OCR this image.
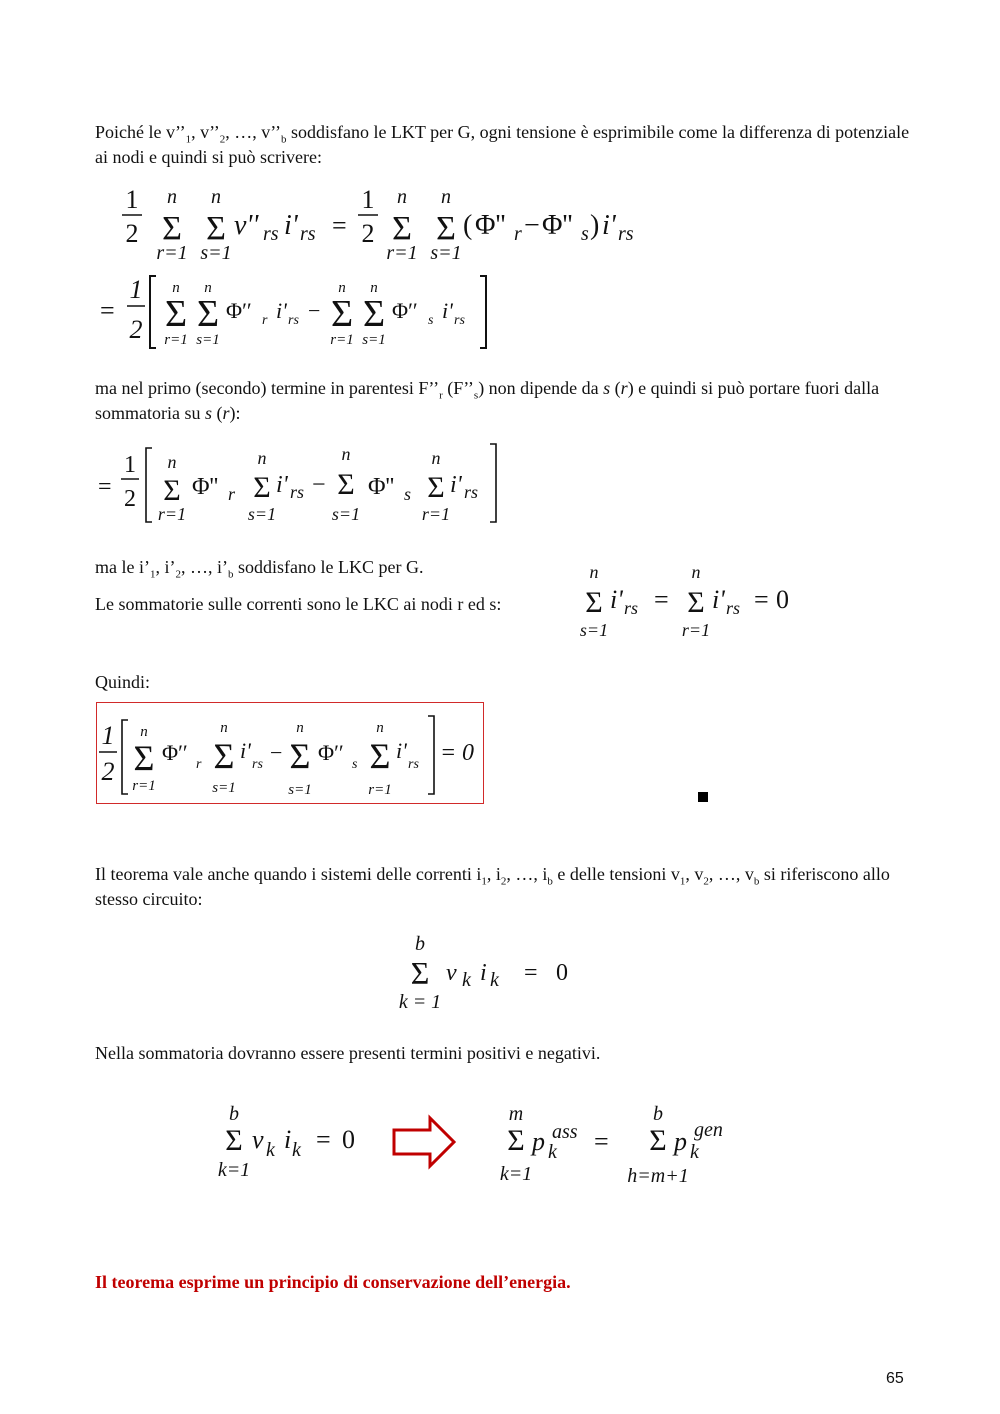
Poiché le $v’’_1$, $v’’_2$, …, $v’’_b$ soddisfano le LKT per G, ogni tensione è esprimibile come la differenza di potenziale ai nodi e quindi si può scrivere:

1
2
n
Σ
r=1
n
Σ
s=1
v'' rs i' rs =
1
2
n
Σ
r=1
n
Σ
s=1
( Φ'' r − Φ'' s ) i' rs
=
1
2
n
Σ
r=1
n
Σ
s=1
Φ′′ r i' rs −
n
Σ
r=1
n
Σ
s=1
Φ′′ s i' rs

ma nel primo (secondo) termine in parentesi $F’’_r$ $(F’’_s)$ non dipende da s (r) e quindi si può portare fuori dalla sommatoria su s (r):

=
1
2
n
Σ
r=1
Φ'' r
n
Σ
s=1
i' rs −
n
Σ
s=1
Φ'' s
n
Σ
r=1
i' rs

ma le $i’_1$, $i’_2$, …, $i’_b$ soddisfano le LKC per G.

Le sommatorie sulle correnti sono le LKC ai nodi r ed s:

n
Σ
s=1
i' rs =
n
Σ
r=1
i' rs = 0

Quindi:

1
2
n
Σ
r=1
Φ′′ r
n
Σ
s=1
i'
rs −
n
Σ
s=1
Φ′′ s
n
Σ
r=1
i'
rs = 0

Il teorema vale anche quando i sistemi delle correnti $i_1$, $i_2$, …, $i_b$ e delle tensioni $v_1$, $v_2$, …, $v_b$ si riferiscono allo stesso circuito:

b
Σ
k = 1
v k i k = 0

Nella sommatoria dovranno essere presenti termini positivi e negativi.

b
Σ
k=1
v k i k = 0
m
Σ
k=1
p k
ass =
b
Σ
h=m+1
p k
gen

Il teorema esprime un principio di conservazione dell’energia.

65
